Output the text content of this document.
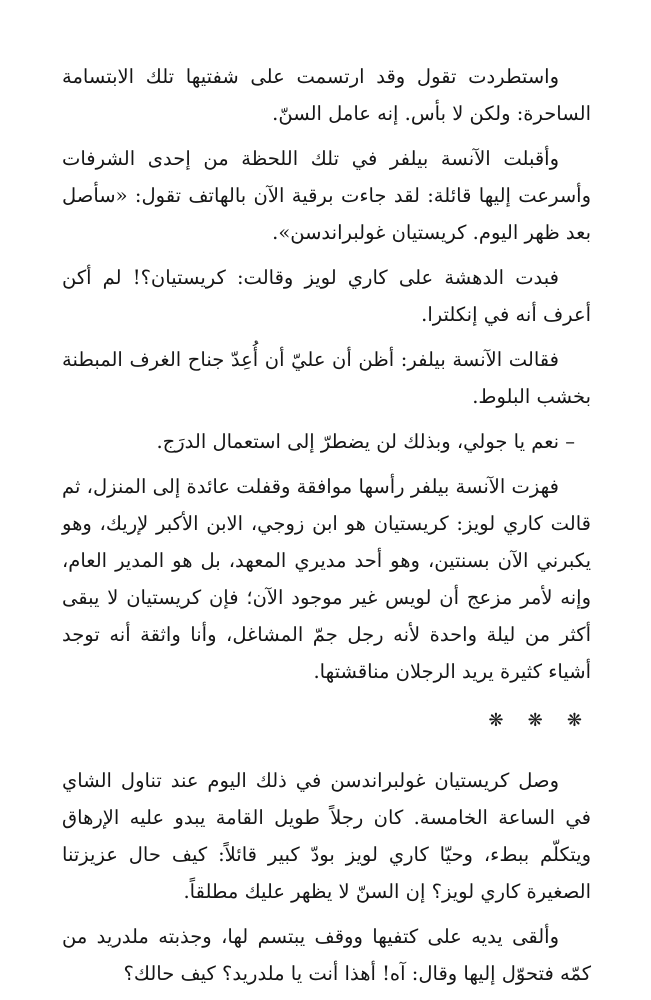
واستطردت تقول وقد ارتسمت على شفتيها تلك الابتسامة الساحرة: ولكن لا بأس. إنه عامل السنّ.

وأقبلت الآنسة بيلفر في تلك اللحظة من إحدى الشرفات وأسرعت إليها قائلة: لقد جاءت برقية الآن بالهاتف تقول: «سأصل بعد ظهر اليوم. كريستيان غولبراندسن».

فبدت الدهشة على كاري لويز وقالت: كريستيان؟! لم أكن أعرف أنه في إنكلترا.

فقالت الآنسة بيلفر: أظن أن عليّ أن أُعِدّ جناح الغرف المبطنة بخشب البلوط.

– نعم يا جولي، وبذلك لن يضطرّ إلى استعمال الدرَج.

فهزت الآنسة بيلفر رأسها موافقة وقفلت عائدة إلى المنزل، ثم قالت كاري لويز: كريستيان هو ابن زوجي، الابن الأكبر لإريك، وهو يكبرني الآن بسنتين، وهو أحد مديري المعهد، بل هو المدير العام، وإنه لأمر مزعج أن لويس غير موجود الآن؛ فإن كريستيان لا يبقى أكثر من ليلة واحدة لأنه رجل جمّ المشاغل، وأنا واثقة أنه توجد أشياء كثيرة يريد الرجلان مناقشتها.

❋ ❋ ❋

وصل كريستيان غولبراندسن في ذلك اليوم عند تناول الشاي في الساعة الخامسة. كان رجلاً طويل القامة يبدو عليه الإرهاق ويتكلّم ببطء، وحيّا كاري لويز بودّ كبير قائلاً: كيف حال عزيزتنا الصغيرة كاري لويز؟ إن السنّ لا يظهر عليك مطلقاً.

وألقى يديه على كتفيها ووقف يبتسم لها، وجذبته ملدريد من كمّه فتحوّل إليها وقال: آه! أهذا أنت يا ملدريد؟ كيف حالك؟
